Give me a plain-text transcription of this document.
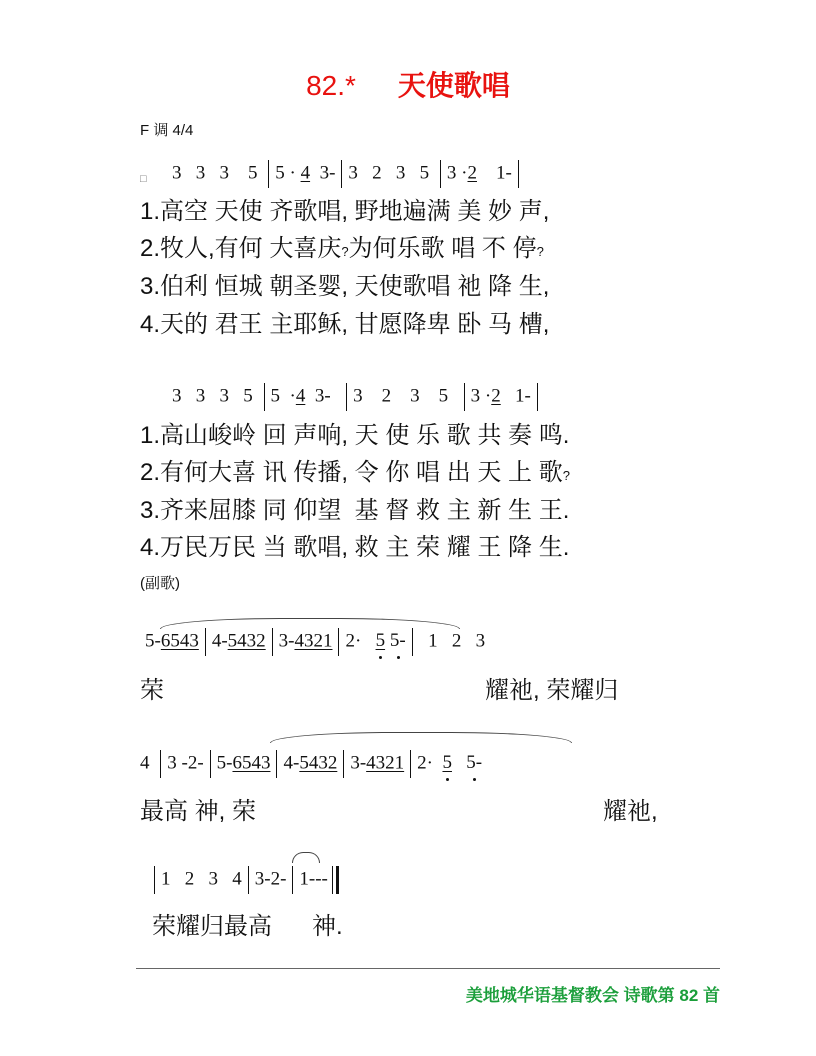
82.* 天使歌唱
F 调 4/4
□ 3 3 3 5 5 · 4 3- 3 2 3 5 3 ·2 1-
1.高空 天使 齐歌唱, 野地遍满 美 妙 声,
2.牧人,有何 大喜庆?为何乐歌 唱 不 停?
3.伯利 恒城 朝圣婴, 天使歌唱 祂 降 生,
4.天的 君王 主耶稣, 甘愿降卑 卧 马 槽,
3 3 3 5 5 ·4 3- 3 2 3 5 3 ·2 1-
1.高山峻岭 回 声响, 天 使 乐 歌 共 奏 鸣.
2.有何大喜 讯 传播, 令 你 唱 出 天 上 歌?
3.齐来屈膝 同 仰望  基 督 救 主 新 生 王.
4.万民万民 当 歌唱, 救 主 荣 耀 王 降 生.
(副歌)
5-6543 4-5432 3-4321 2· 5 5- 1 2 3
荣	耀祂, 荣耀归
4 3 -2- 5-6543 4-5432 3-4321 2· 5 5-
最高 神, 荣	耀祂,
1 2 3 4 3-2- 1---
荣耀归最高      神.
美地城华语基督教会 诗歌第 82 首
